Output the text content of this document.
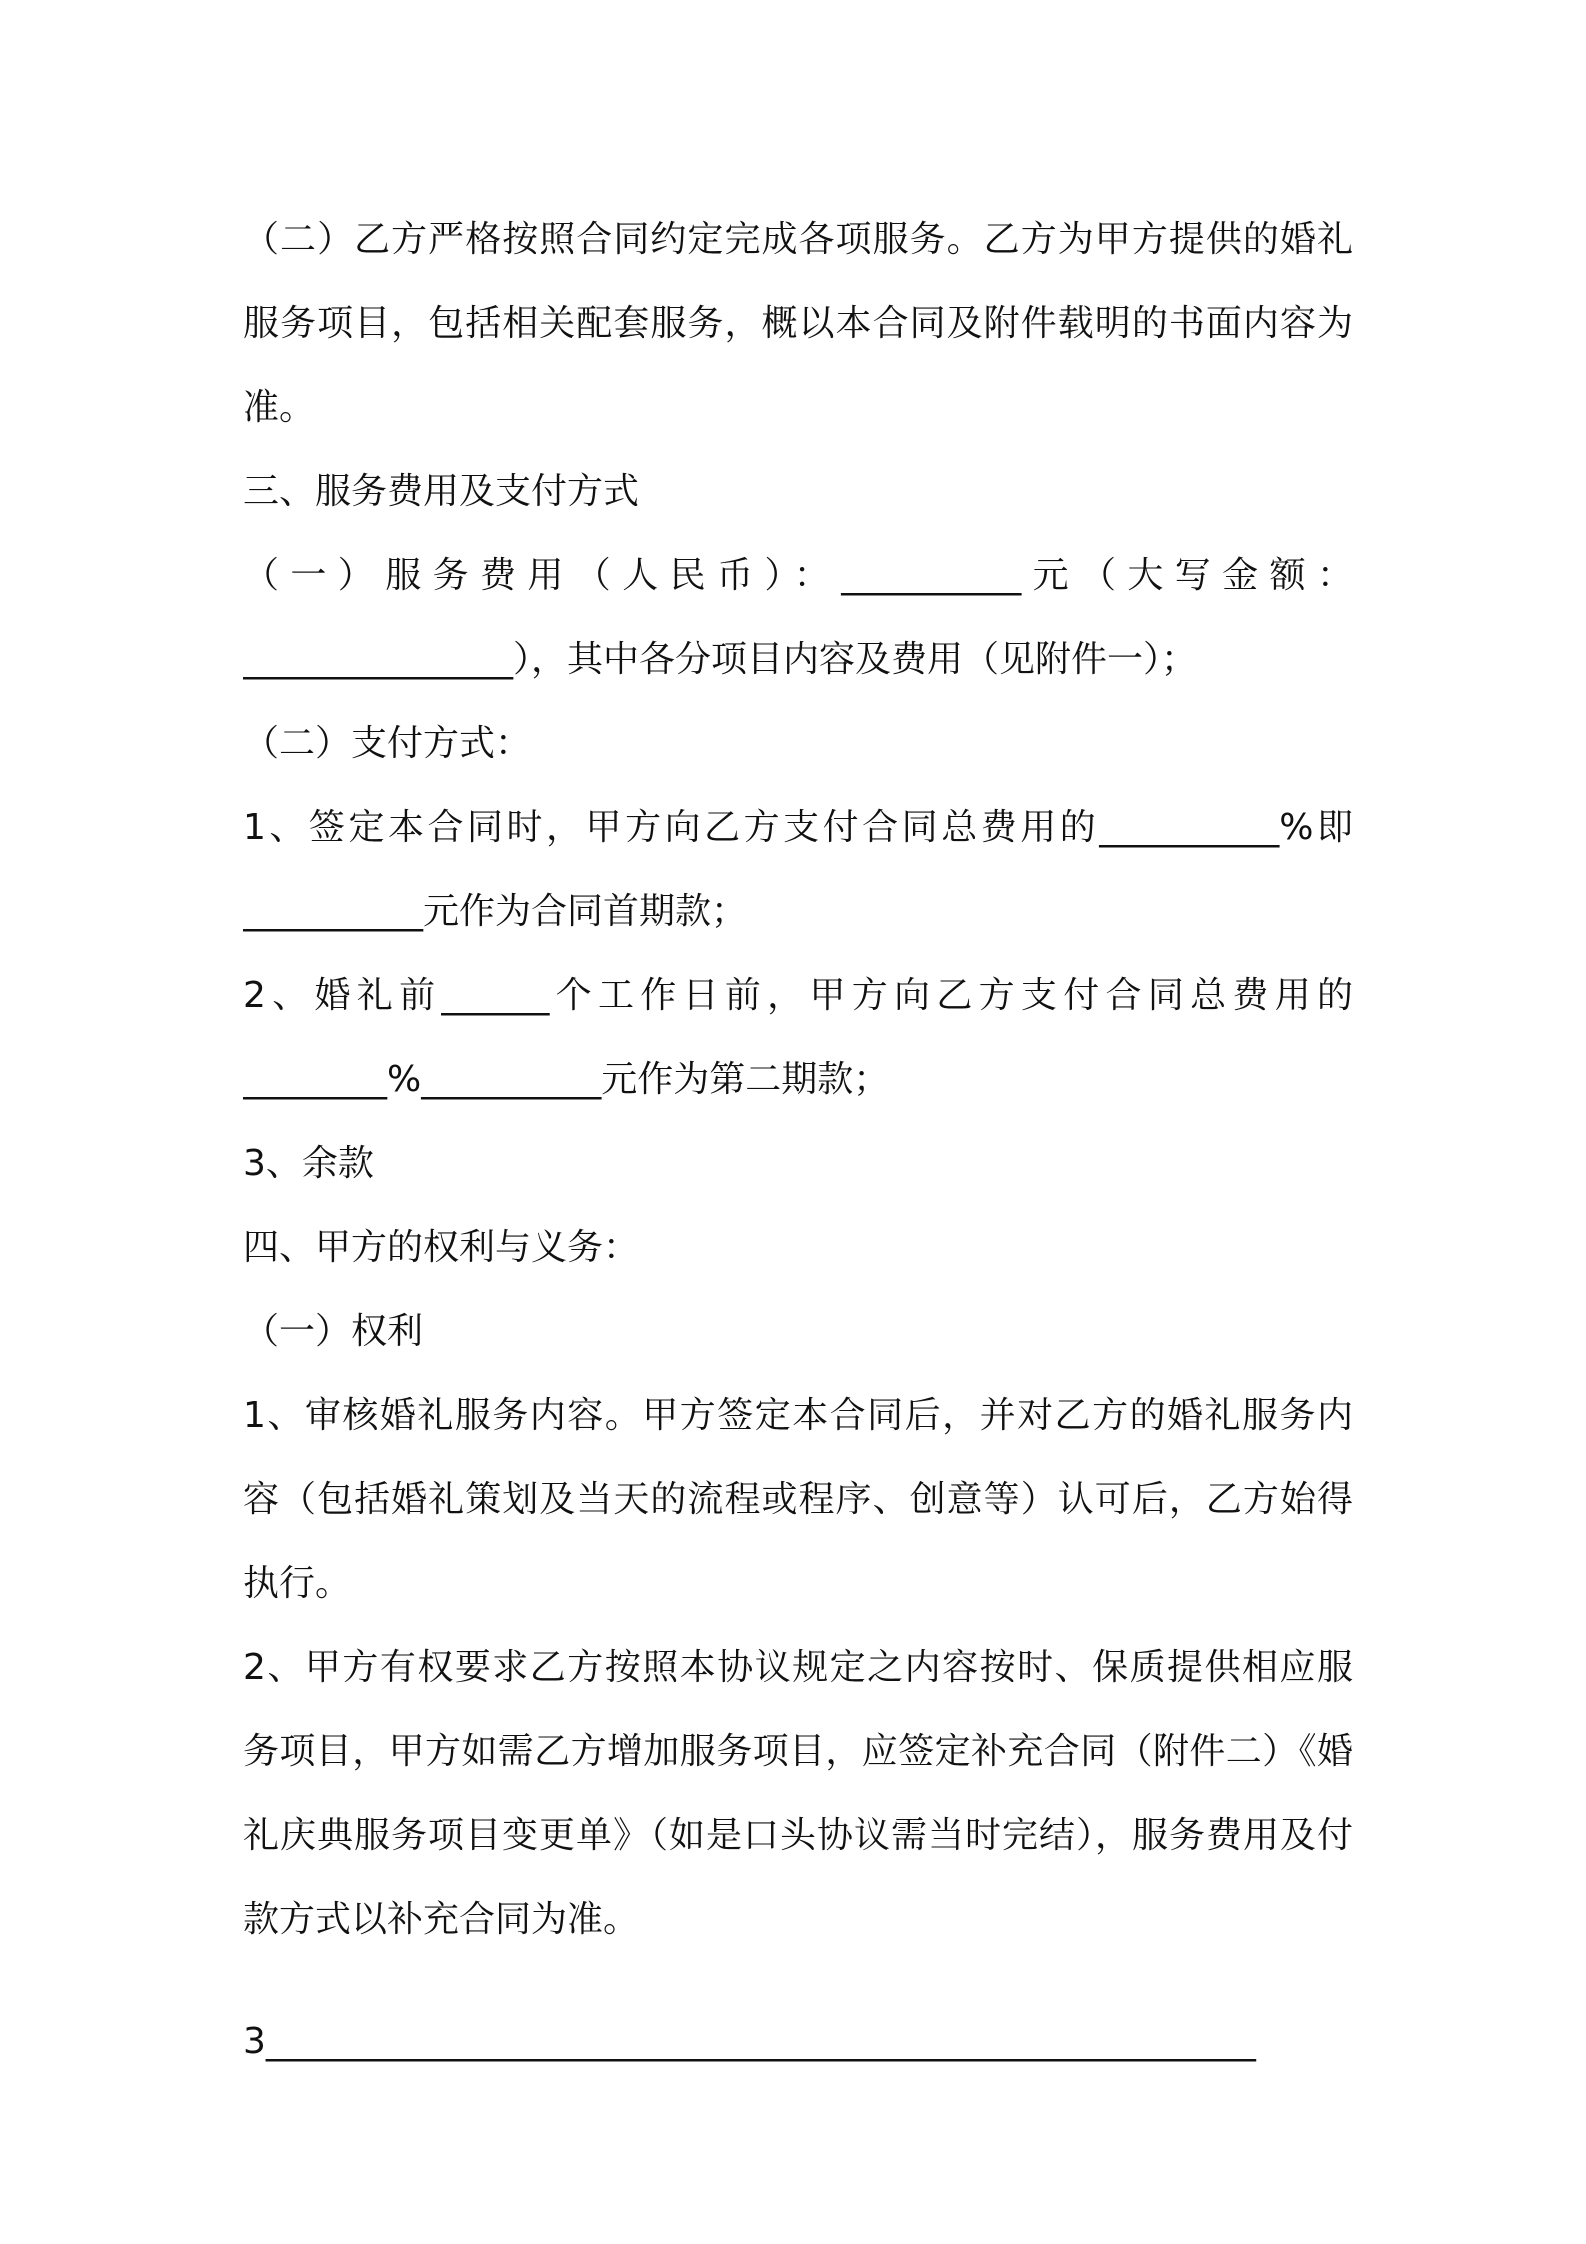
（二）乙方严格按照合同约定完成各项服务。乙方为甲方提供的婚礼
服务项目，包括相关配套服务，概以本合同及附件载明的书面内容为
准。
三、服务费用及支付方式
（一）服务费用（人民币）：__________元（大写金额：
_______________），其中各分项目内容及费用（见附件一）；
（二）支付方式：
1、签定本合同时，甲方向乙方支付合同总费用的__________%即
__________元作为合同首期款；
2、婚礼前______个工作日前，甲方向乙方支付合同总费用的
________%__________元作为第二期款；
3、余款
四、甲方的权利与义务：
（一）权利
1、审核婚礼服务内容。甲方签定本合同后，并对乙方的婚礼服务内
容（包括婚礼策划及当天的流程或程序、创意等）认可后，乙方始得
执行。
2、甲方有权要求乙方按照本协议规定之内容按时、保质提供相应服
务项目，甲方如需乙方增加服务项目，应签定补充合同（附件二）《婚
礼庆典服务项目变更单》（如是口头协议需当时完结），服务费用及付
款方式以补充合同为准。
3_______________________________________________________
